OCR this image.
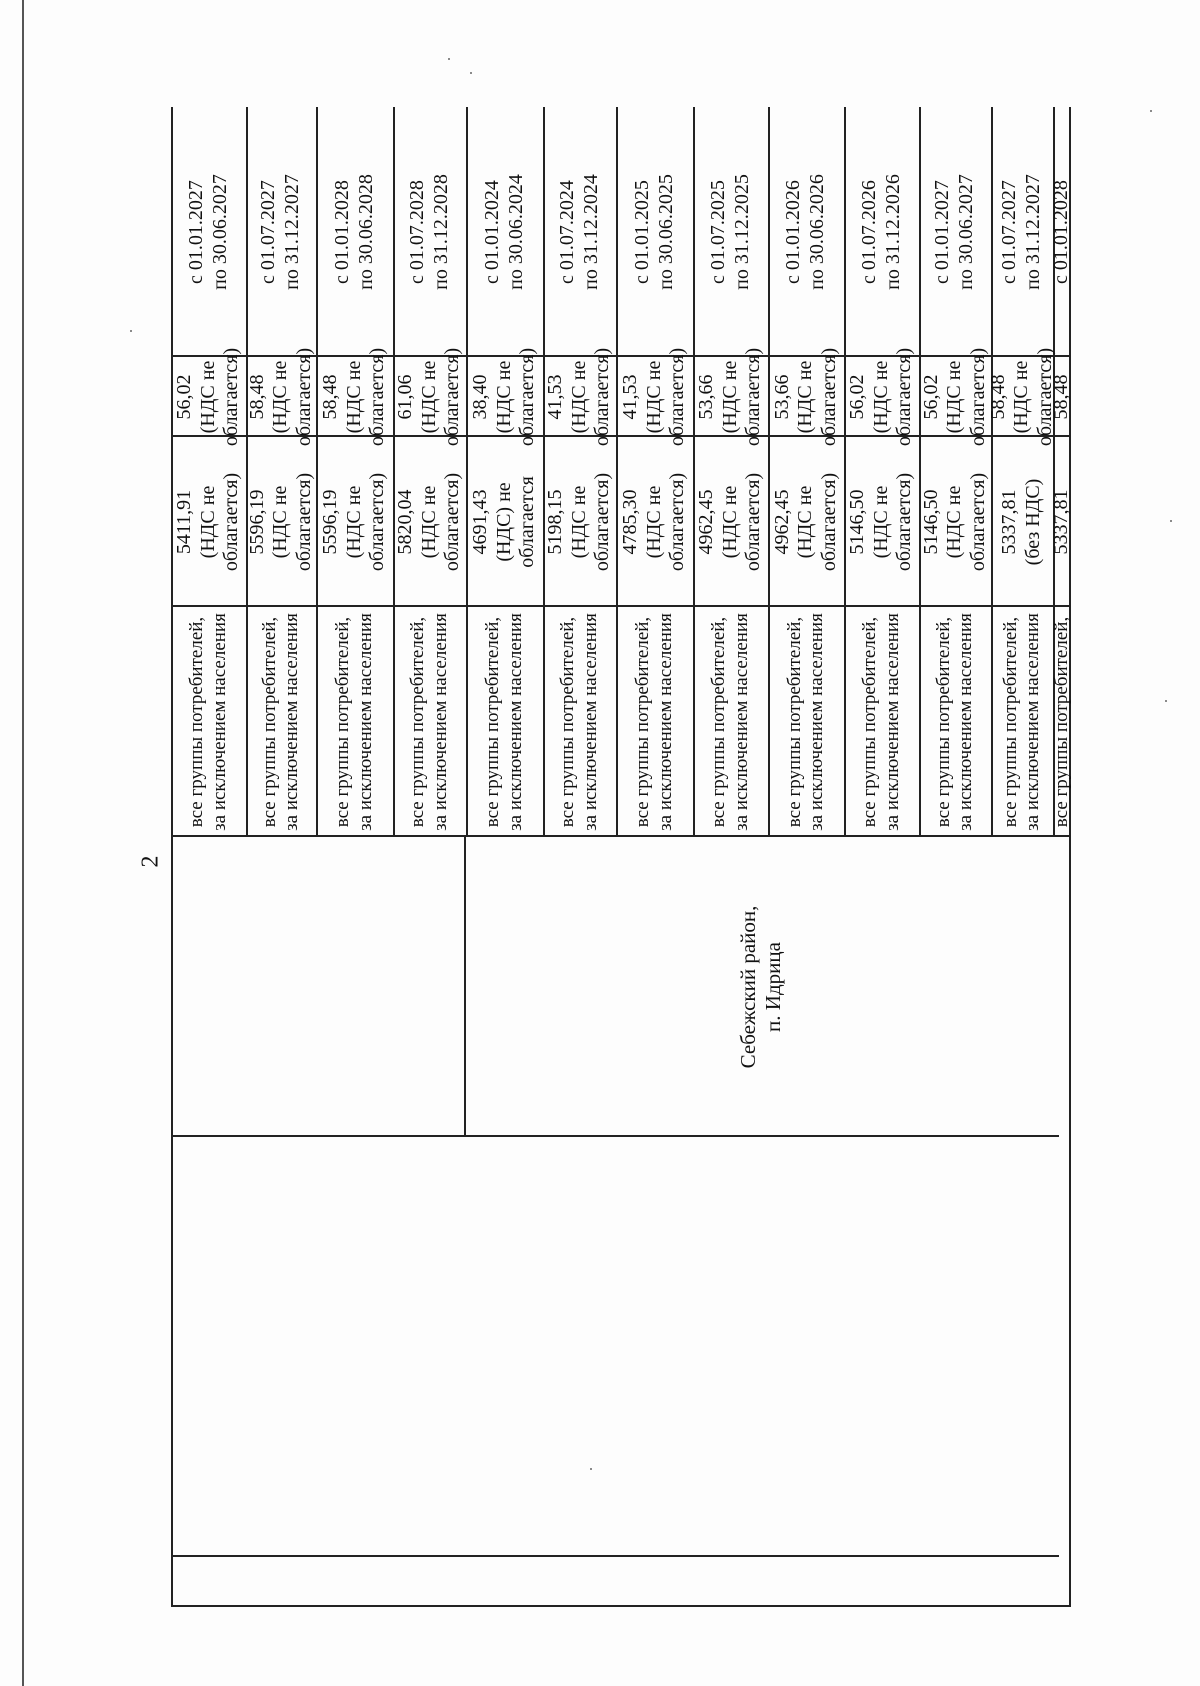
2
Себежский район, п. Идрица
все группы потребителей, за исключением населения
5411,91 (НДС не облагается)
56,02 (НДС не облагается)
с 01.01.2027 по 30.06.2027
все группы потребителей, за исключением населения
5596,19 (НДС не облагается)
58,48 (НДС не облагается)
с 01.07.2027 по 31.12.2027
все группы потребителей, за исключением населения
5596,19 (НДС не облагается)
58,48 (НДС не облагается)
с 01.01.2028 по 30.06.2028
все группы потребителей, за исключением населения
5820,04 (НДС не облагается)
61,06 (НДС не облагается)
с 01.07.2028 по 31.12.2028
все группы потребителей, за исключением населения
4691,43 (НДС) не облагается
38,40 (НДС не облагается)
с 01.01.2024 по 30.06.2024
все группы потребителей, за исключением населения
5198,15 (НДС не облагается)
41,53 (НДС не облагается)
с 01.07.2024 по 31.12.2024
все группы потребителей, за исключением населения
4785,30 (НДС не облагается)
41,53 (НДС не облагается)
с 01.01.2025 по 30.06.2025
все группы потребителей, за исключением населения
4962,45 (НДС не облагается)
53,66 (НДС не облагается)
с 01.07.2025 по 31.12.2025
все группы потребителей, за исключением населения
4962,45 (НДС не облагается)
53,66 (НДС не облагается)
с 01.01.2026 по 30.06.2026
все группы потребителей, за исключением населения
5146,50 (НДС не облагается)
56,02 (НДС не облагается)
с 01.07.2026 по 31.12.2026
все группы потребителей, за исключением населения
5146,50 (НДС не облагается)
56,02 (НДС не облагается)
с 01.01.2027 по 30.06.2027
все группы потребителей, за исключением населения
5337,81 (без НДС)
58,48 (НДС не облагается)
с 01.07.2027 по 31.12.2027
все группы потребителей,
5337,81
58,48
с 01.01.2028
